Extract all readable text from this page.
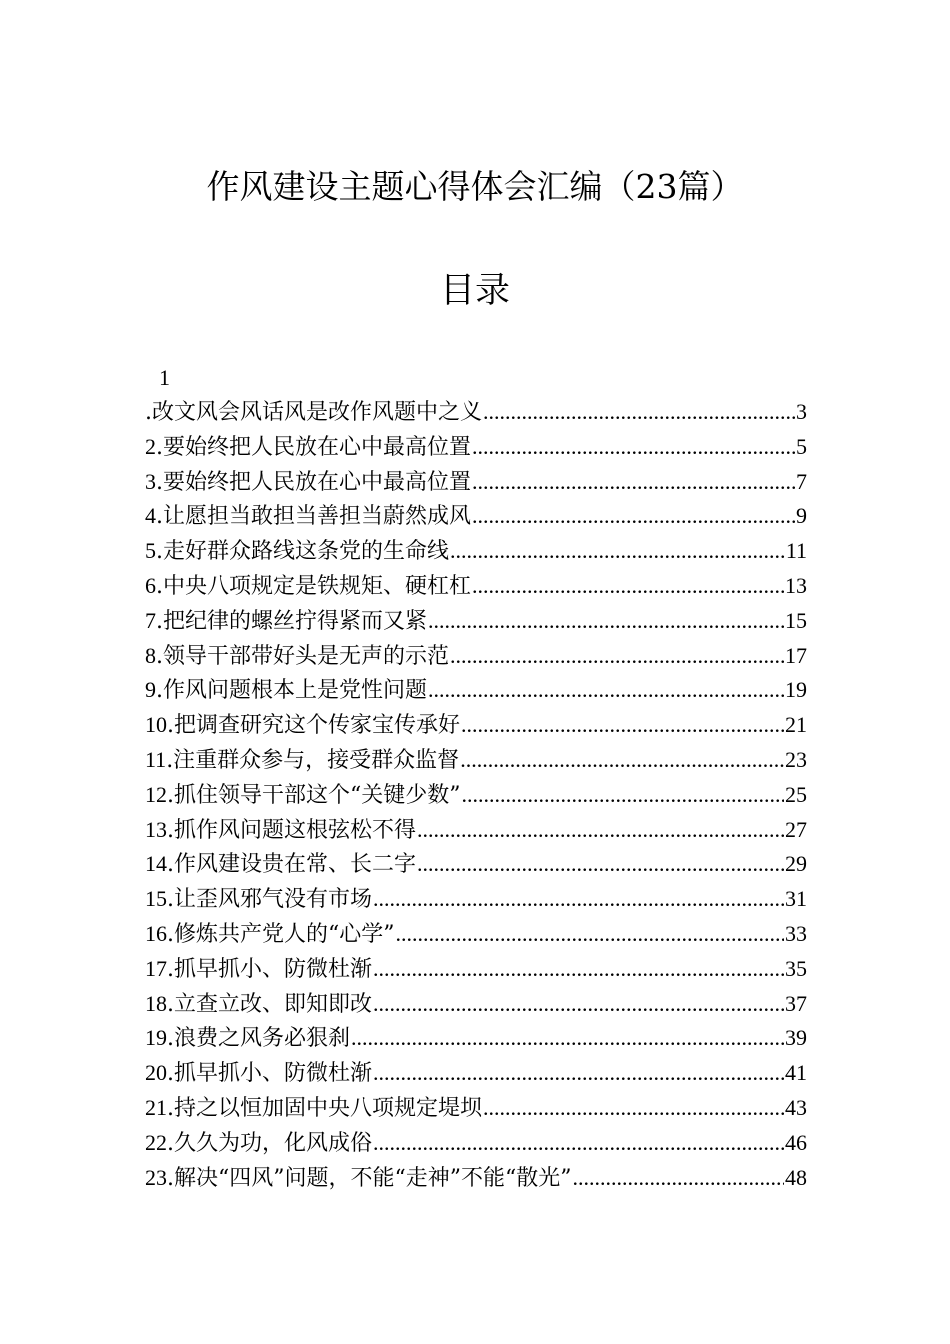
作风建设主题心得体会汇编（23篇）
目录
1
.改文风会风话风是改作风题中之义 .....	3
2.要始终把人民放在心中最高位置 .....	5
3.要始终把人民放在心中最高位置 .....	7
4.让愿担当敢担当善担当蔚然成风 .....	9
5.走好群众路线这条党的生命线 .....	11
6.中央八项规定是铁规矩、硬杠杠 .....	13
7.把纪律的螺丝拧得紧而又紧 .....	15
8.领导干部带好头是无声的示范 .....	17
9.作风问题根本上是党性问题 .....	19
10.把调查研究这个传家宝传承好 .....	21
11.注重群众参与，接受群众监督 .....	23
12.抓住领导干部这个“关键少数” .....	25
13.抓作风问题这根弦松不得 .....	27
14.作风建设贵在常、长二字 .....	29
15.让歪风邪气没有市场 .....	31
16.修炼共产党人的“心学” .....	33
17.抓早抓小、防微杜渐 .....	35
18.立查立改、即知即改 .....	37
19.浪费之风务必狠刹 .....	39
20.抓早抓小、防微杜渐 .....	41
21.持之以恒加固中央八项规定堤坝 .....	43
22.久久为功，化风成俗 .....	46
23.解决“四风”问题，不能“走神”不能“散光” .....	48
